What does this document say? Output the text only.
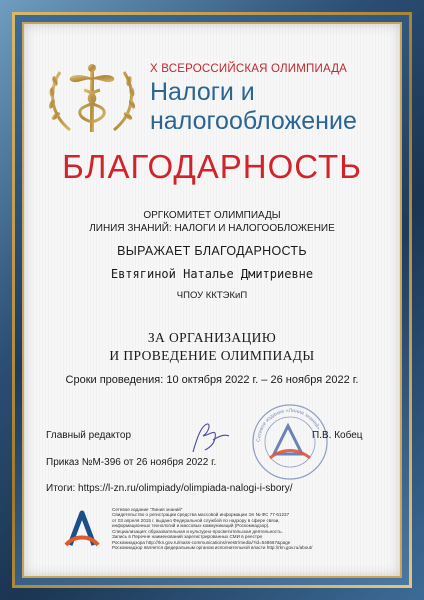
X ВСЕРОССИЙСКАЯ ОЛИМПИАДА
Налоги и
налогообложение
БЛАГОДАРНОСТЬ
ОРГКОМИТЕТ ОЛИМПИАДЫ
ЛИНИЯ ЗНАНИЙ: НАЛОГИ И НАЛОГООБЛОЖЕНИЕ
ВЫРАЖАЕТ БЛАГОДАРНОСТЬ
Евтягиной Наталье Дмитриевне
ЧПОУ ККТЭКиП
ЗА ОРГАНИЗАЦИЮ
И ПРОВЕДЕНИЕ ОЛИМПИАДЫ
Сроки проведения: 10 октября 2022 г. – 26 ноября 2022 г.
Главный редактор	Сетевое издание «Линия знаний»
П.В. Кобец
Приказ №М-396 от 26 ноября 2022 г.
Итоги: https://l-zn.ru/olimpiady/olimpiada-nalogi-i-sbory/
Сетевое издание "Линия знаний"
Свидетельство о регистрации средства массовой информации Эл № ФС 77-61237
от 03 апреля 2015 г. выдано Федеральной службой по надзору в сфере связи,
информационных технологий и массовых коммуникаций (Роскомнадзор).
Специализация: образовательная и культурно-просветительская деятельность.
Запись в Перечне наименований зарегистрированных СМИ в реестре
Роскомнадзора http://rkn.gov.ru/mass-communications/reestr/media/?id=548667&page
Роскомнадзор является федеральным органом исполнительной власти http://rkn.gov.ru/about/
